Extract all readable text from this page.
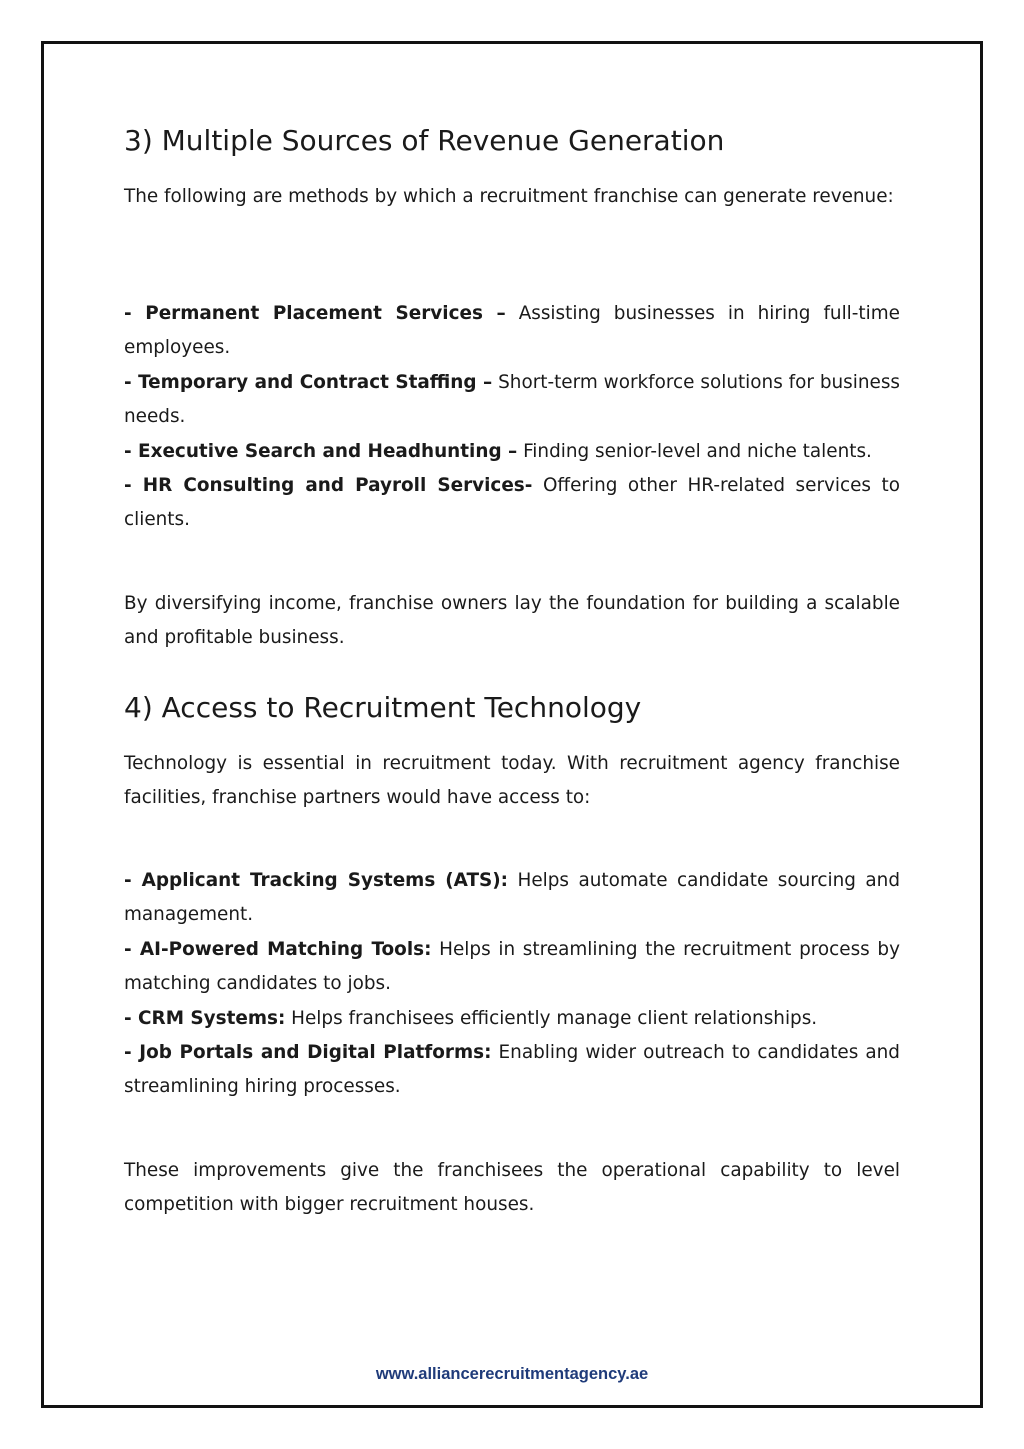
3) Multiple Sources of Revenue Generation

The following are methods by which a recruitment franchise can generate revenue:

- Permanent Placement Services – Assisting businesses in hiring full-time employees.

- Temporary and Contract Staffing – Short-term workforce solutions for business needs.

- Executive Search and Headhunting – Finding senior-level and niche talents.

- HR Consulting and Payroll Services- Offering other HR-related services to clients.

By diversifying income, franchise owners lay the foundation for building a scalable and profitable business.

4) Access to Recruitment Technology

Technology is essential in recruitment today. With recruitment agency franchise facilities, franchise partners would have access to:

- Applicant Tracking Systems (ATS): Helps automate candidate sourcing and management.

- AI-Powered Matching Tools: Helps in streamlining the recruitment process by matching candidates to jobs.

- CRM Systems: Helps franchisees efficiently manage client relationships.

- Job Portals and Digital Platforms: Enabling wider outreach to candidates and streamlining hiring processes.

These improvements give the franchisees the operational capability to level competition with bigger recruitment houses.

www.alliancerecruitmentagency.ae
